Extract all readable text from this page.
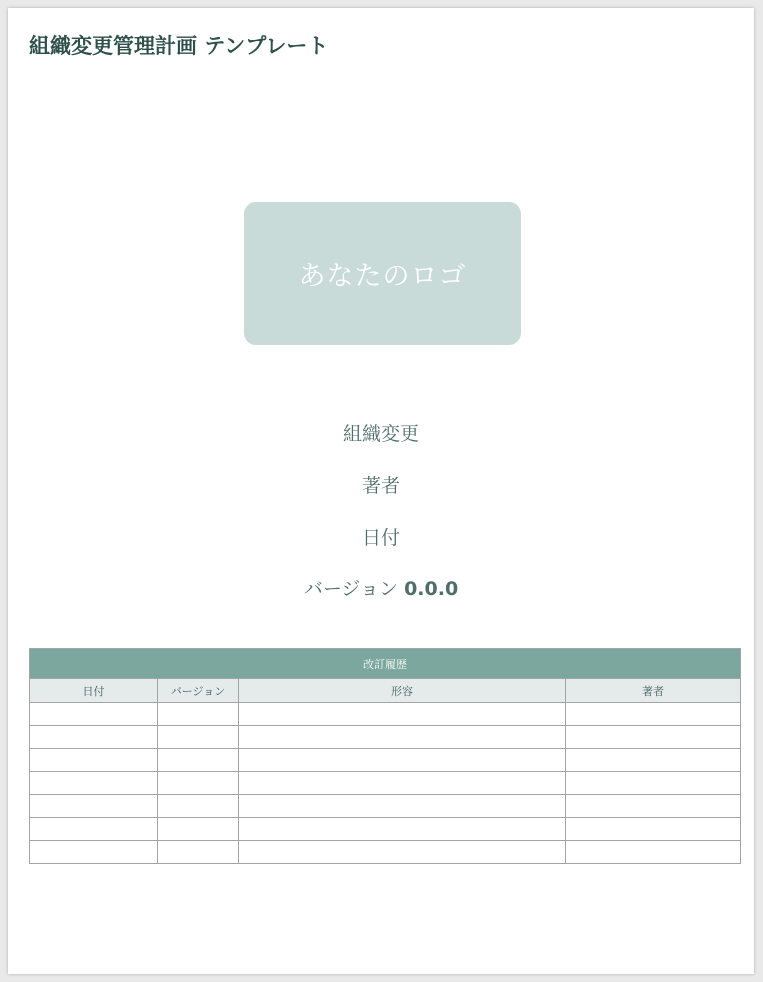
組織変更管理計画 テンプレート
あなたのロゴ
組織変更
著者
日付
バージョン 0.0.0
改訂履歴			
日付	バージョン	形容	著者
